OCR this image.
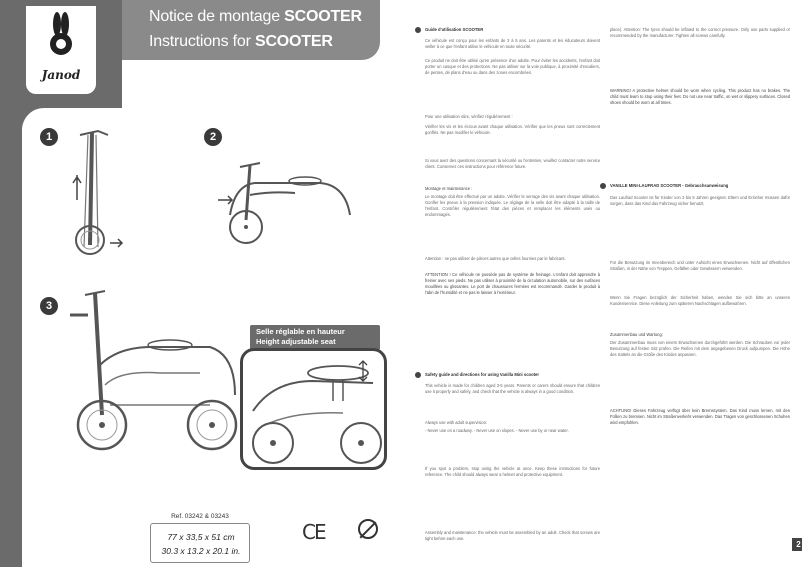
Janod
Notice de montage SCOOTER
Instructions for SCOOTER
1	2
3
Selle réglable en hauteur
Height adjustable seat
JURATOYS
15 rue de l'Industrie
39270 Orgelet
FRANCE
Janod Copyright 2011
www.janod.com
jouer par nature	77 x 33,5 x 51 cm
30.3 x 13.2 x 20.1 in.
Ref. 03242 & 03243
CE
Guide d'utilisation SCOOTER
Ce véhicule est conçu pour les enfants de 3 à 5 ans. Les parents et les éducateurs doivent veiller à ce que l'enfant utilise le véhicule en toute sécurité.
Ce produit ne doit être utilisé qu'en présence d'un adulte. Pour éviter les accidents, l'enfant doit porter un casque et des protections. Ne pas utiliser sur la voie publique, à proximité d'escaliers, de pentes, de plans d'eau ou dans des zones encombrées.
Pour une utilisation sûre, vérifiez régulièrement :
Vérifier les vis et les écrous avant chaque utilisation. Vérifier que les pneus sont correctement gonflés. Ne pas modifier le véhicule.
Si vous avez des questions concernant la sécurité ou l'entretien, veuillez contacter notre service client. Conservez ces instructions pour référence future.
Montage et maintenance :
Le montage doit être effectué par un adulte. Vérifier le serrage des vis avant chaque utilisation. Gonfler les pneus à la pression indiquée. Le réglage de la selle doit être adapté à la taille de l'enfant. Contrôler régulièrement l'état des pièces et remplacer les éléments usés ou endommagés.
Attention : ne pas utiliser de pièces autres que celles fournies par le fabricant.
ATTENTION ! Ce véhicule ne possède pas de système de freinage. L'enfant doit apprendre à freiner avec ses pieds. Ne pas utiliser à proximité de la circulation automobile, sur des surfaces mouillées ou glissantes. Le port de chaussures fermées est recommandé. Garder le produit à l'abri de l'humidité et ne pas le laisser à l'extérieur.
Safety guide and directions for using Vanilla Mini scooter
This vehicle is made for children aged 3-5 years. Parents or carers should ensure that children use it properly and safely, and check that the vehicle is always in a good condition.
Always use with adult supervision:
- Never use on a roadway. - Never use on slopes. - Never use by or near water.
If you spot a problem, stop using the vehicle at once. Keep these instructions for future reference. The child should always wear a helmet and protective equipment.
Assembly and maintenance: the vehicle must be assembled by an adult. Check that screws are tight before each use.
place). Attention: The tyres should be inflated to the correct pressure. Only use parts supplied or recommended by the manufacturer. Tighten all screws carefully.
WARNING! A protective helmet should be worn when cycling. This product has no brakes. The child must learn to stop using their feet. Do not use near traffic, on wet or slippery surfaces. Closed shoes should be worn at all times.
VANILLE MINI-LAUFRAD SCOOTER - Gebrauchsanweisung
Das Laufrad Scooter ist für Kinder von 3 bis 5 Jahren geeignet. Eltern und Erzieher müssen dafür sorgen, dass das Kind das Fahrzeug sicher benutzt.
Für die Benutzung im Innenbereich und unter Aufsicht eines Erwachsenen. Nicht auf öffentlichen Straßen, in der Nähe von Treppen, Gefällen oder Gewässern verwenden.
Wenn Sie Fragen bezüglich der Sicherheit haben, wenden Sie sich bitte an unseren Kundenservice. Diese Anleitung zum späteren Nachschlagen aufbewahren.
Zusammenbau und Wartung:
Der Zusammenbau muss von einem Erwachsenen durchgeführt werden. Die Schrauben vor jeder Benutzung auf festen Sitz prüfen. Die Reifen mit dem angegebenen Druck aufpumpen. Die Höhe des Sattels an die Größe des Kindes anpassen.
ACHTUNG! Dieses Fahrzeug verfügt über kein Bremssystem. Das Kind muss lernen, mit den Füßen zu bremsen. Nicht im Straßenverkehr verwenden. Das Tragen von geschlossenen Schuhen wird empfohlen.
2
